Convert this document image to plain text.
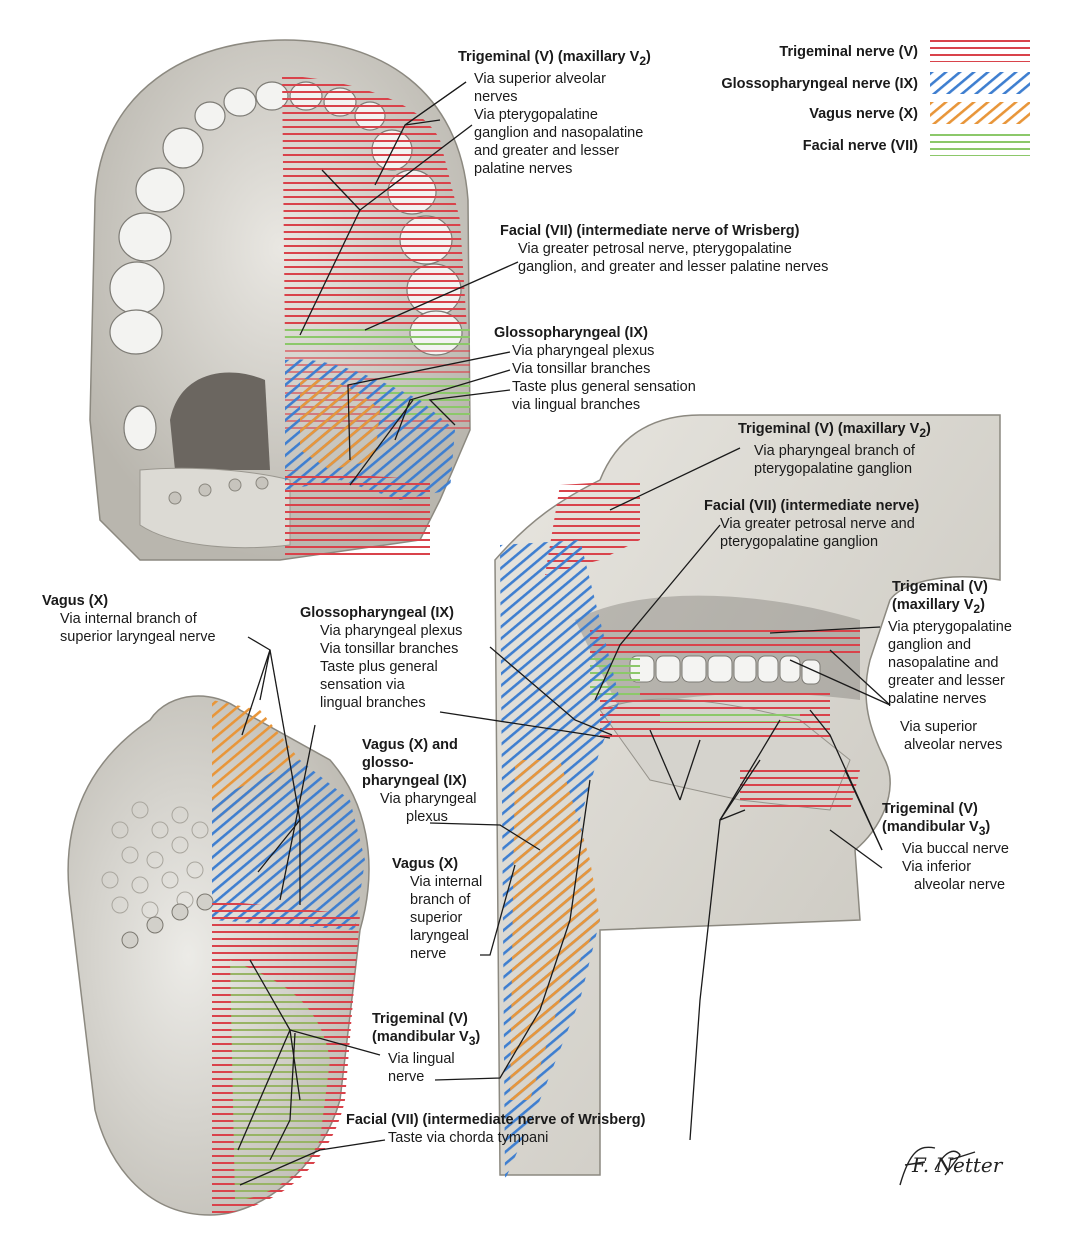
F. Netter
Trigeminal nerve (V)
Glossopharyngeal nerve (IX)
Vagus nerve (X)
Facial nerve (VII)
Trigeminal (V) (maxillary $V_2$)
Via superior alveolar
nerves
Via pterygopalatine
ganglion and nasopalatine
and greater and lesser
palatine nerves
Facial (VII) (intermediate nerve of Wrisberg)
Via greater petrosal nerve, pterygopalatine
ganglion, and greater and lesser palatine nerves
Glossopharyngeal (IX)
Via pharyngeal plexus
Via tonsillar branches
Taste plus general sensation
via lingual branches
Trigeminal (V) (maxillary $V_2$)
Via pharyngeal branch of
pterygopalatine ganglion
Facial (VII) (intermediate nerve)
Via greater petrosal nerve and
pterygopalatine ganglion
Trigeminal (V)
(maxillary $V_2$)
Via pterygopalatine
ganglion and
nasopalatine and
greater and lesser
palatine nerves
Via superior
alveolar nerves
Trigeminal (V)
(mandibular $V_3$)
Via buccal nerve
Via inferior
alveolar nerve
Glossopharyngeal (IX)
Via pharyngeal plexus
Via tonsillar branches
Taste plus general
sensation via
lingual branches
Vagus (X) and
glosso-
pharyngeal (IX)
Via pharyngeal
plexus
Vagus (X)
Via internal
branch of
superior
laryngeal
nerve
Vagus (X)
Via internal branch of
superior laryngeal nerve
Trigeminal (V)
(mandibular $V_3$)
Via lingual
nerve
Facial (VII) (intermediate nerve of Wrisberg)
Taste via chorda tympani
